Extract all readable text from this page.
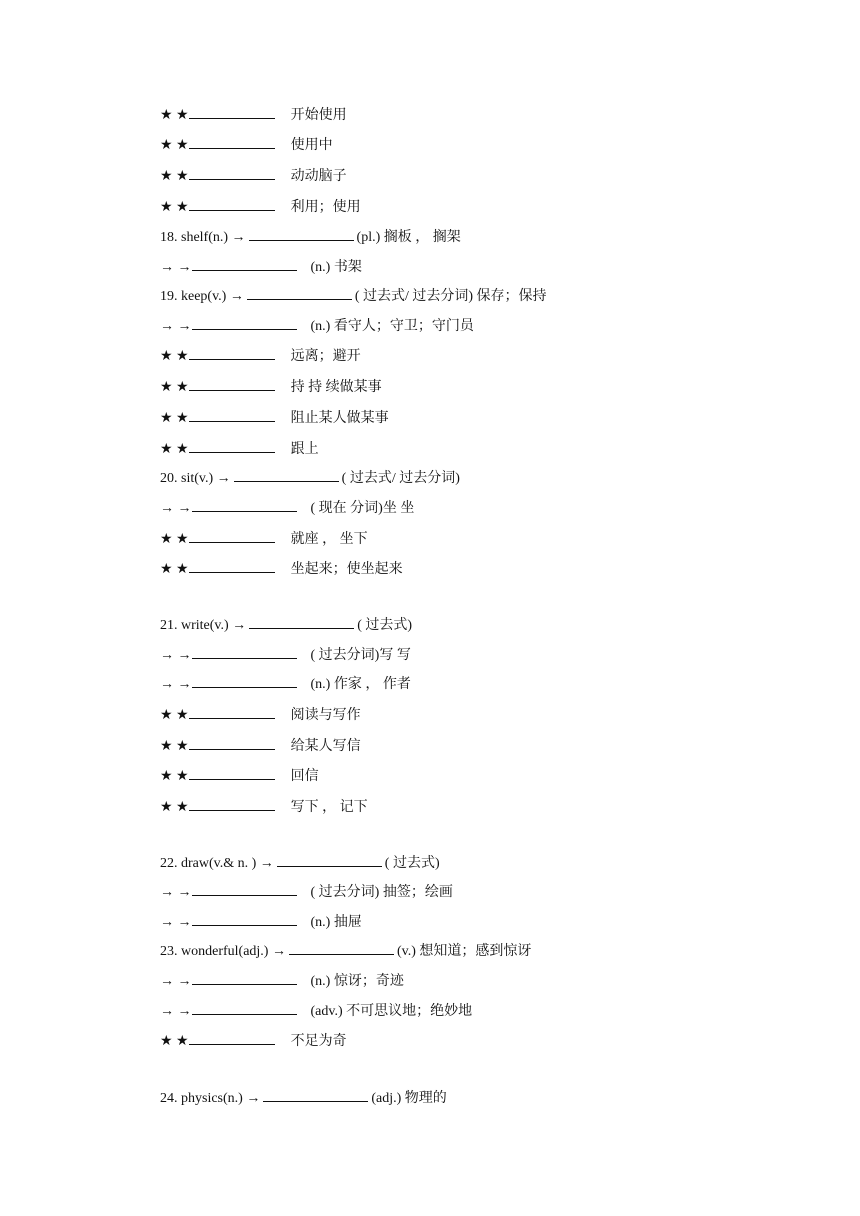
★ ★	开始使用
★ ★	使用中
★ ★	动动脑子
★ ★	利用；使用
18. shelf(n.) →	(pl.) 搁板 ， 搁架
→ →	(n.) 书架
19. keep(v.) →	( 过去式/ 过去分词) 保存；保持
→ →	(n.) 看守人；守卫；守门员
★ ★	远离；避开
★ ★	持 持 续做某事
★ ★	阻止某人做某事
★ ★	跟上
20. sit(v.) →	( 过去式/ 过去分词)
→ →	( 现在 分词)坐 坐
★ ★	就座 ， 坐下
★ ★	坐起来；使坐起来
21. write(v.) →	( 过去式)
→ →	( 过去分词)写 写
→ →	(n.) 作家 ， 作者
★ ★	阅读与写作
★ ★	给某人写信
★ ★	回信
★ ★	写下 ， 记下
22. draw(v.& n. ) →	( 过去式)
→ →	( 过去分词) 抽签；绘画
→ →	(n.) 抽屉
23. wonderful(adj.) →	(v.) 想知道；感到惊讶
→ →	(n.) 惊讶；奇迹
→ →	(adv.) 不可思议地；绝妙地
★ ★	不足为奇
24. physics(n.) →	(adj.) 物理的
